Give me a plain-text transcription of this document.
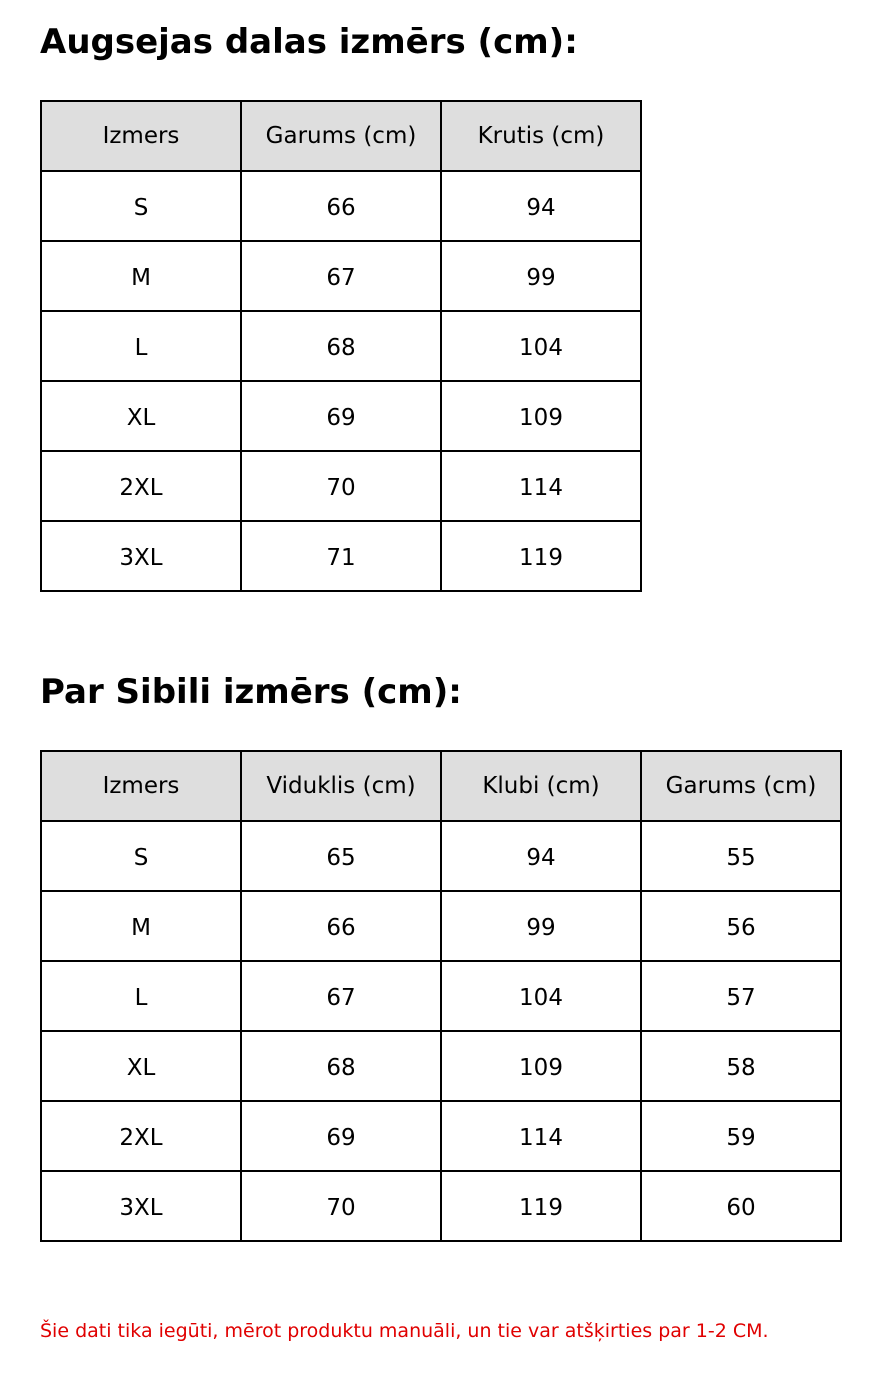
Augsejas dalas izmērs (cm):
Izmers	Garums (cm)	Krutis (cm)
S	66	94
M	67	99
L	68	104
XL	69	109
2XL	70	114
3XL	71	119
Par Sibili izmērs (cm):
Izmers	Viduklis (cm)	Klubi (cm)	Garums (cm)
S	65	94	55
M	66	99	56
L	67	104	57
XL	68	109	58
2XL	69	114	59
3XL	70	119	60

Šie dati tika iegūti, mērot produktu manuāli, un tie var atšķirties par 1-2 CM.
